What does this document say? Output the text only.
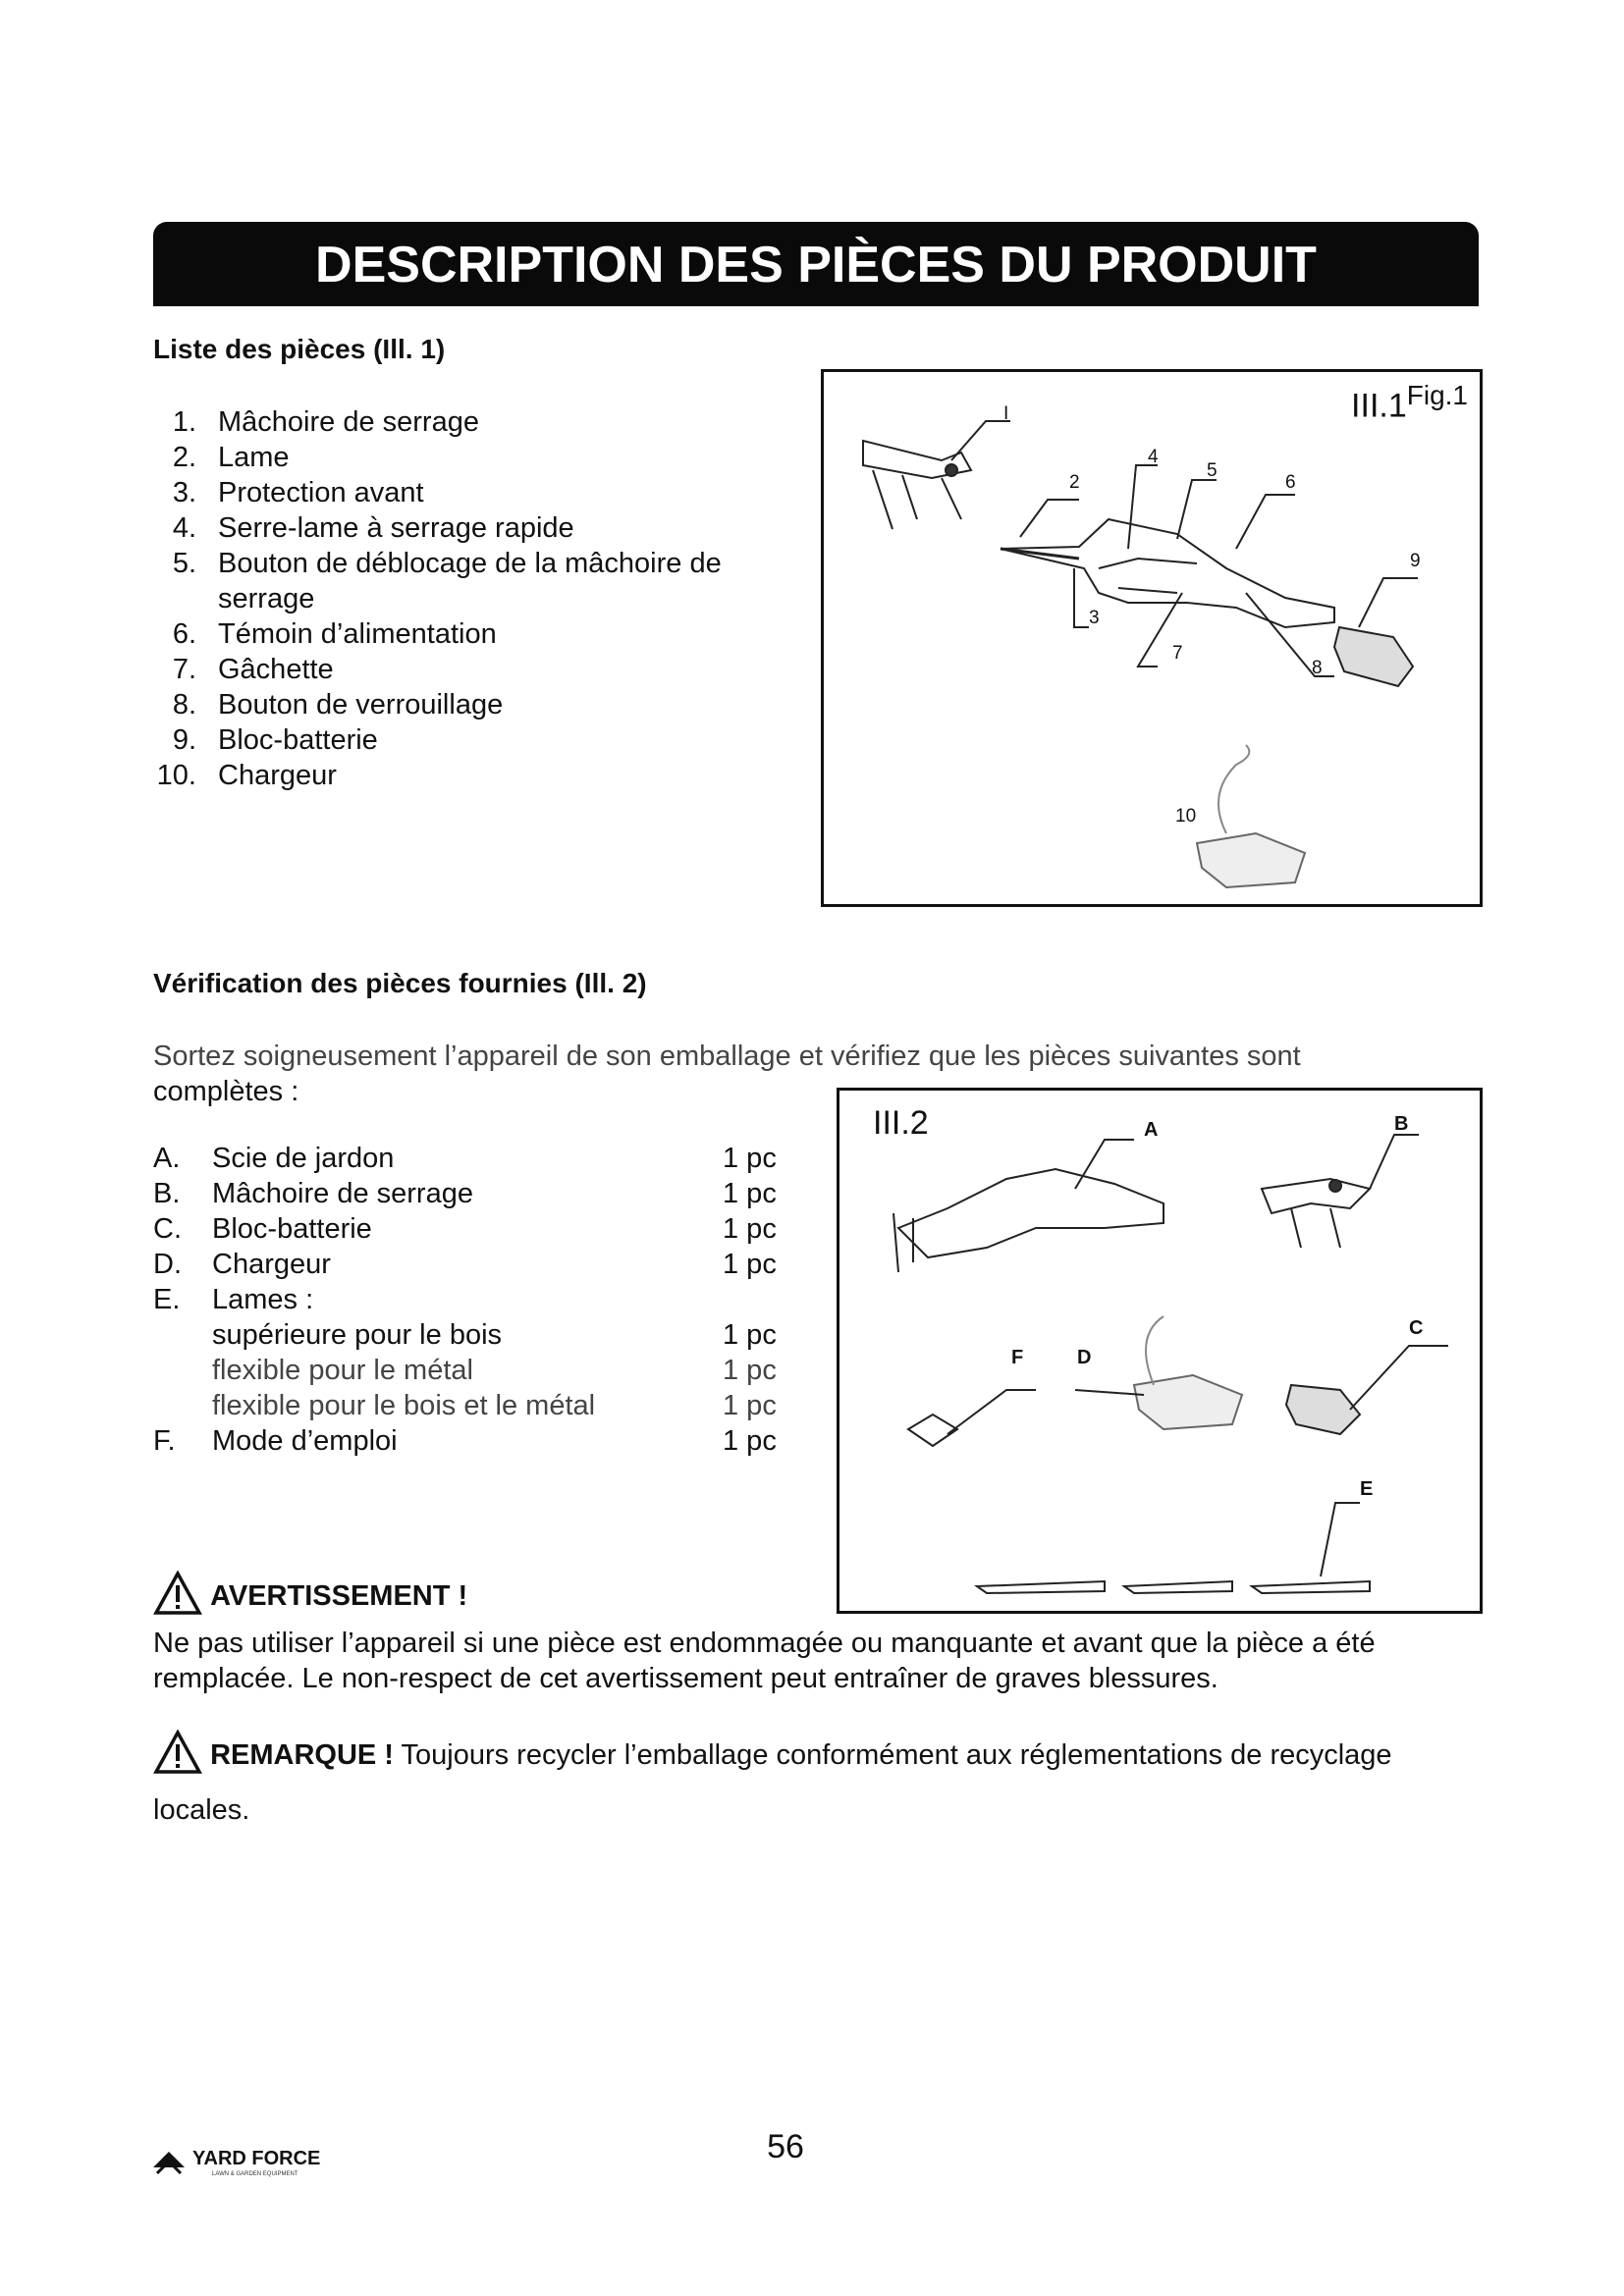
DESCRIPTION DES PIÈCES DU PRODUIT
Liste des pièces (Ill. 1)
1. Mâchoire de serrage
2. Lame
3. Protection avant
4. Serre-lame à serrage rapide
5. Bouton de déblocage de la mâchoire de
serrage
6. Témoin d’alimentation
7. Gâchette
8. Bouton de verrouillage
9. Bloc-batterie
10. Chargeur
I
2
4
5
6
9
3
7
8
10
$III.1^{Fig.1}$
Vérification des pièces fournies (Ill. 2)
Sortez soigneusement l’appareil de son emballage et vérifiez que les pièces suivantes sont
complètes :
A. Scie de jardon	1 pc
B. Mâchoire de serrage	1 pc
C. Bloc-batterie	1 pc
D. Chargeur	1 pc
E. Lames :
supérieure pour le bois	1 pc
flexible pour le métal	1 pc
flexible pour le bois et le métal	1 pc
F. Mode d’emploi	1 pc
A	B
C
F	D
E
III.2
AVERTISSEMENT !
Ne pas utiliser l’appareil si une pièce est endommagée ou manquante et avant que la pièce a été
remplacée. Le non-respect de cet avertissement peut entraîner de graves blessures.
REMARQUE ! Toujours recycler l’emballage conformément aux réglementations de recyclage
locales.
YARD FORCE
LAWN & GARDEN EQUIPMENT
56
